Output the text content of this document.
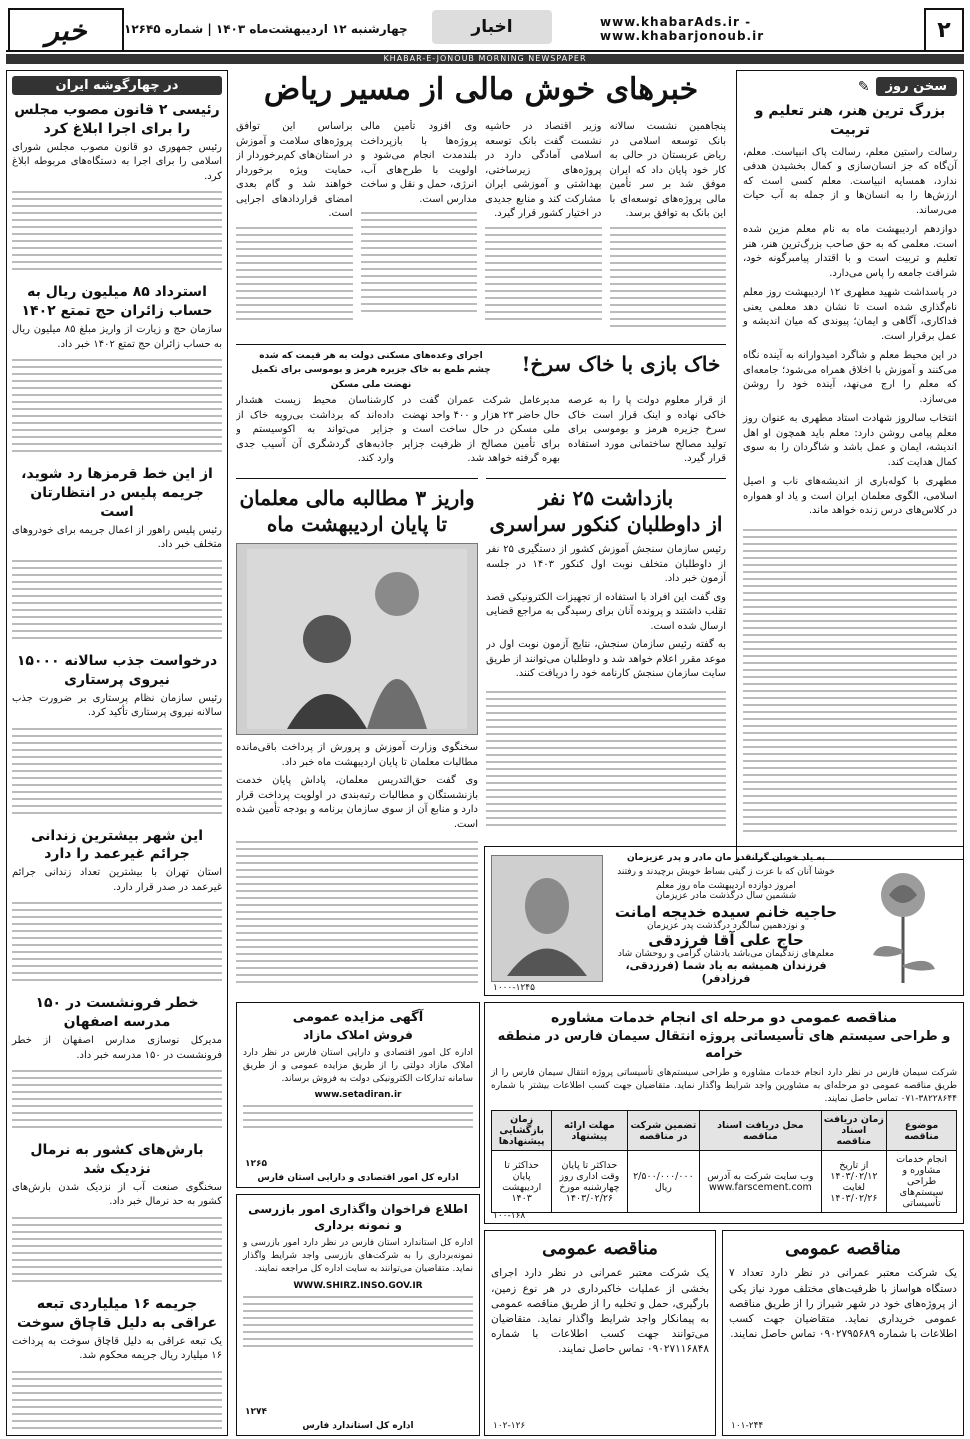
۲
www.khabarAds.ir - www.khabarjonoub.ir
اخبار
چهارشنبه ۱۲ اردیبهشت‌ماه ۱۴۰۳ | شماره ۱۲۶۴۵
خبر
KHABAR-E-JONOUB MORNING NEWSPAPER
سخن روز
✎
بزرگ ترین هنر، هنر تعلیم و تربیت

رسالت راستین معلم، رسالت پاک انبیاست. معلم، آن‌گاه که جز انسان‌سازی و کمال بخشیدن هدفی ندارد، همسایه انبیاست. معلم کسی است که ارزش‌ها را به انسان‌ها و از جمله به آب حیات می‌رساند.

دوازدهم اردیبهشت ماه به نام معلم مزین شده است. معلمی که به حق صاحب بزرگ‌ترین هنر، هنر تعلیم و تربیت است و با اقتدار پیامبرگونه خود، شرافت جامعه را پاس می‌دارد.

در پاسداشت شهید مطهری ۱۲ اردیبهشت روز معلم نام‌گذاری شده است تا نشان دهد معلمی یعنی فداکاری، آگاهی و ایمان؛ پیوندی که میان اندیشه و عمل برقرار است.

در این محیط معلم و شاگرد امیدوارانه به آینده نگاه می‌کنند و آموزش با اخلاق همراه می‌شود؛ جامعه‌ای که معلم را ارج می‌نهد، آینده خود را روشن می‌سازد.

انتخاب سالروز شهادت استاد مطهری به عنوان روز معلم پیامی روشن دارد: معلم باید همچون او اهل اندیشه، ایمان و عمل باشد و شاگردان را به سوی کمال هدایت کند.

مطهری با کوله‌باری از اندیشه‌های ناب و اصیل اسلامی، الگوی معلمان ایران است و یاد او همواره در کلاس‌های درس زنده خواهد ماند.

خبرهای خوش مالی از مسیر ریاض

پنجاهمین نشست سالانه بانک توسعه اسلامی در ریاض عربستان در حالی به کار خود پایان داد که ایران موفق شد بر سر تأمین مالی پروژه‌های توسعه‌ای با این بانک به توافق برسد.

وزیر اقتصاد در حاشیه نشست گفت بانک توسعه اسلامی آمادگی دارد در پروژه‌های زیرساختی، بهداشتی و آموزشی ایران مشارکت کند و منابع جدیدی در اختیار کشور قرار گیرد.

وی افزود تأمین مالی پروژه‌ها با بازپرداخت بلندمدت انجام می‌شود و اولویت با طرح‌های آب، انرژی، حمل و نقل و ساخت مدارس است.

براساس این توافق پروژه‌های سلامت و آموزش در استان‌های کم‌برخوردار از حمایت ویژه برخوردار خواهند شد و گام بعدی امضای قراردادهای اجرایی است.

خاک بازی با خاک سرخ!
اجرای وعده‌های مسکنی دولت به هر قیمت که شده
چشم طمع به خاک جزیره هرمز و بوموسی برای تکمیل نهضت ملی مسکن

از قرار معلوم دولت پا را به عرصه خاکی نهاده و اینک قرار است خاک سرخ جزیره هرمز و بوموسی برای تولید مصالح ساختمانی مورد استفاده قرار گیرد.

مدیرعامل شرکت عمران گفت در حال حاضر ۲۳ هزار و ۴۰۰ واحد نهضت ملی مسکن در حال ساخت است و برای تأمین مصالح از ظرفیت جزایر بهره گرفته خواهد شد.

کارشناسان محیط زیست هشدار داده‌اند که برداشت بی‌رویه خاک از جزایر می‌تواند به اکوسیستم و جاذبه‌های گردشگری آن آسیب جدی وارد کند.

بازداشت ۲۵ نفر
از داوطلبان کنکور سراسری

رئیس سازمان سنجش آموزش کشور از دستگیری ۲۵ نفر از داوطلبان متخلف نوبت اول کنکور ۱۴۰۳ در جلسه آزمون خبر داد.

وی گفت این افراد با استفاده از تجهیزات الکترونیکی قصد تقلب داشتند و پرونده آنان برای رسیدگی به مراجع قضایی ارسال شده است.

به گفته رئیس سازمان سنجش، نتایج آزمون نوبت اول در موعد مقرر اعلام خواهد شد و داوطلبان می‌توانند از طریق سایت سازمان سنجش کارنامه خود را دریافت کنند.

واریز ۳ مطالبه مالی معلمان
تا پایان اردیبهشت ماه

سخنگوی وزارت آموزش و پرورش از پرداخت باقی‌مانده مطالبات معلمان تا پایان اردیبهشت ماه خبر داد.

وی گفت حق‌التدریس معلمان، پاداش پایان خدمت بازنشستگان و مطالبات رتبه‌بندی در اولویت پرداخت قرار دارد و منابع آن از سوی سازمان برنامه و بودجه تأمین شده است.

در چهارگوشه ایران
رئیسی ۲ قانون مصوب مجلس را برای اجرا ابلاغ کرد

رئیس جمهوری دو قانون مصوب مجلس شورای اسلامی را برای اجرا به دستگاه‌های مربوطه ابلاغ کرد.

استرداد ۸۵ میلیون ریال به حساب زائران حج تمتع ۱۴۰۲

سازمان حج و زیارت از واریز مبلغ ۸۵ میلیون ریال به حساب زائران حج تمتع ۱۴۰۲ خبر داد.

از این خط قرمزها رد شوید، جریمه پلیس در انتظارتان است

رئیس پلیس راهور از اعمال جریمه برای خودروهای متخلف خبر داد.

درخواست جذب سالانه ۱۵۰۰۰ نیروی پرستاری

رئیس سازمان نظام پرستاری بر ضرورت جذب سالانه نیروی پرستاری تأکید کرد.

این شهر بیشترین زندانی جرائم غیرعمد را دارد

استان تهران با بیشترین تعداد زندانی جرائم غیرعمد در صدر قرار دارد.

خطر فرونشست در ۱۵۰ مدرسه اصفهان

مدیرکل نوسازی مدارس اصفهان از خطر فرونشست در ۱۵۰ مدرسه خبر داد.

بارش‌های کشور به نرمال نزدیک شد

سخنگوی صنعت آب از نزدیک شدن بارش‌های کشور به حد نرمال خبر داد.

جریمه ۱۶ میلیاردی تبعه عراقی به دلیل قاچاق سوخت

یک تبعه عراقی به دلیل قاچاق سوخت به پرداخت ۱۶ میلیارد ریال جریمه محکوم شد.

به یاد خوبان گرانقدر مان مادر و پدر عزیزمان
خوشا آنان که با عزت ز گیتی بساط خویش برچیدند و رفتند
امروز دوازده اردیبهشت ماه روز معلم
ششمین سال درگذشت مادر عزیزمان
حاجیه خانم سیده خدیجه امانت
و نوزدهمین سالگرد درگذشت پدر عزیزمان
حاج علی آقا فرزدقی
معلم‌های زندگیمان می‌باشد یادشان گرامی و روحشان شاد
فرزندان همیشه به یاد شما (فرزدقی، فرزادفر)
۱۰۰۰-۱۲۴۵
مناقصه عمومی دو مرحله ای انجام خدمات مشاوره
و طراحی سیستم های تأسیساتی پروژه انتقال سیمان فارس در منطقه خرامه

شرکت سیمان فارس در نظر دارد انجام خدمات مشاوره و طراحی سیستم‌های تأسیساتی پروژه انتقال سیمان فارس را از طریق مناقصه عمومی دو مرحله‌ای به مشاورین واجد شرایط واگذار نماید. متقاضیان جهت کسب اطلاعات بیشتر با شماره ۳۸۲۲۸۶۴۴-۰۷۱ تماس حاصل نمایند.

موضوع مناقصه	زمان دریافت اسناد مناقصه	محل دریافت اسناد مناقصه	تضمین شرکت در مناقصه	مهلت ارائه پیشنهاد	زمان بازگشایی پیشنهادها
انجام خدمات مشاوره و طراحی سیستم‌های تأسیساتی	از تاریخ ۱۴۰۳/۰۲/۱۲ لغایت ۱۴۰۳/۰۲/۲۶	وب سایت شرکت به آدرس www.farscement.com	۲/۵۰۰/۰۰۰/۰۰۰ ریال	حداکثر تا پایان وقت اداری روز چهارشنبه مورخ ۱۴۰۳/۰۲/۲۶	حداکثر تا پایان اردیبهشت ۱۴۰۳
۱۰۰-۱۶۸
آگهی مزایده عمومی
فروش املاک مازاد

اداره کل امور اقتصادی و دارایی استان فارس در نظر دارد املاک مازاد دولتی را از طریق مزایده عمومی و از طریق سامانه تدارکات الکترونیکی دولت به فروش برساند.

www.setadiran.ir
۱۲۶۵
اداره کل امور اقتصادی و دارایی استان فارس
اطلاع فراخوان واگذاری امور بازرسی و نمونه برداری

اداره کل استاندارد استان فارس در نظر دارد امور بازرسی و نمونه‌برداری را به شرکت‌های بازرسی واجد شرایط واگذار نماید. متقاضیان می‌توانند به سایت اداره کل مراجعه نمایند.

WWW.SHIRZ.INSO.GOV.IR
۱۲۷۴
اداره کل استاندارد فارس
مناقصه عمومی

یک شرکت معتبر عمرانی در نظر دارد اجرای بخشی از عملیات خاکبرداری در هر نوع زمین، بارگیری، حمل و تخلیه را از طریق مناقصه عمومی به پیمانکار واجد شرایط واگذار نماید. متقاضیان می‌توانند جهت کسب اطلاعات با شماره ۰۹۰۲۷۱۱۶۸۴۸ تماس حاصل نمایند.

۱۰۲-۱۲۶
مناقصه عمومی

یک شرکت معتبر عمرانی در نظر دارد تعداد ۷ دستگاه هواساز با ظرفیت‌های مختلف مورد نیاز یکی از پروژه‌های خود در شهر شیراز را از طریق مناقصه عمومی خریداری نماید. متقاضیان جهت کسب اطلاعات با شماره ۰۹۰۲۷۹۵۶۸۹ تماس حاصل نمایند.

۱۰۱-۲۴۴
